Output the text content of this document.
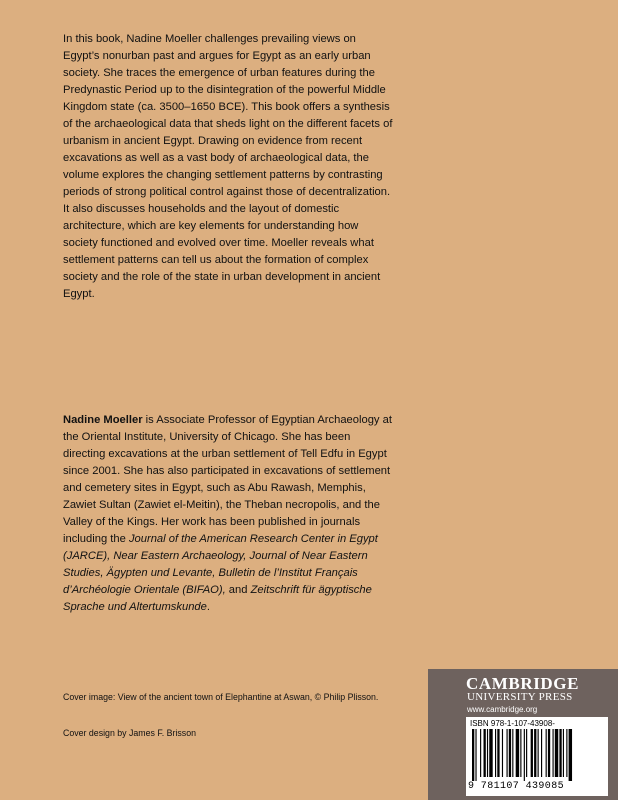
In this book, Nadine Moeller challenges prevailing views on Egypt’s nonurban past and argues for Egypt as an early urban society. She traces the emergence of urban features during the Predynastic Period up to the disintegration of the powerful Middle Kingdom state (ca. 3500–1650 BCE). This book offers a synthesis of the archaeological data that sheds light on the different facets of urbanism in ancient Egypt. Drawing on evidence from recent excavations as well as a vast body of archaeological data, the volume explores the changing settlement patterns by contrasting periods of strong political control against those of decentralization. It also discusses households and the layout of domestic architecture, which are key elements for understanding how society functioned and evolved over time. Moeller reveals what settlement patterns can tell us about the formation of complex society and the role of the state in urban development in ancient Egypt.

Nadine Moeller is Associate Professor of Egyptian Archaeology at the Oriental Institute, University of Chicago. She has been directing excavations at the urban settlement of Tell Edfu in Egypt since 2001. She has also participated in excavations of settlement and cemetery sites in Egypt, such as Abu Rawash, Memphis, Zawiet Sultan (Zawiet el-Meitin), the Theban necropolis, and the Valley of the Kings. Her work has been published in journals including the Journal of the American Research Center in Egypt (JARCE), Near Eastern Archaeology, Journal of Near Eastern Studies, Ägypten und Levante, Bulletin de l’Institut Français d’Archéologie Orientale (BIFAO), and Zeitschrift für ägyptische Sprache und Altertumskunde.

Cover image: View of the ancient town of Elephantine at Aswan, © Philip Plisson.

Cover design by James F. Brisson

CAMBRIDGE
UNIVERSITY PRESS
www.cambridge.org
ISBN 978-1-107-43908-
9 781107 439085
